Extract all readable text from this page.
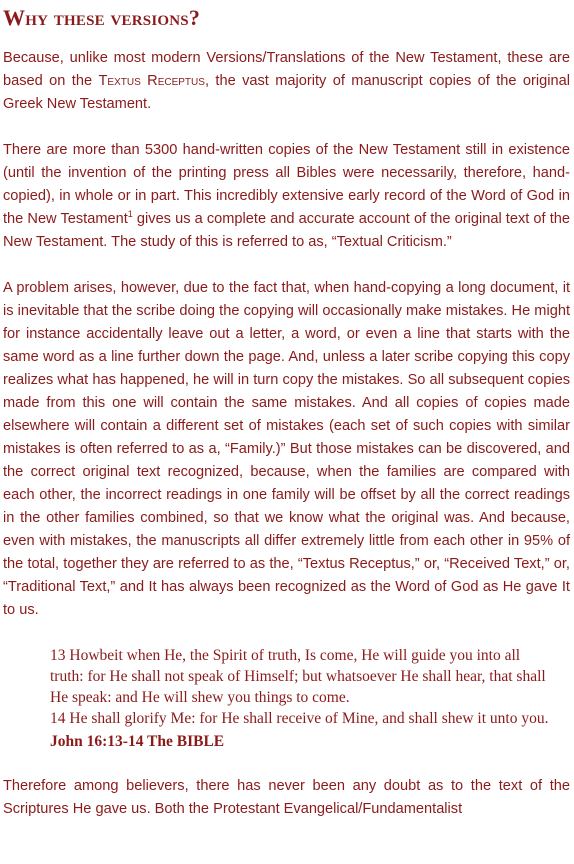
Why these versions?

Because, unlike most modern Versions/Translations of the New Testament, these are based on the Textus Receptus, the vast majority of manuscript copies of the original Greek New Testament.

There are more than 5300 hand-written copies of the New Testament still in existence (until the invention of the printing press all Bibles were necessarily, therefore, hand-copied), in whole or in part. This incredibly extensive early record of the Word of God in the New Testament$^1$ gives us a complete and accurate account of the original text of the New Testament. The study of this is referred to as, “Textual Criticism.”

A problem arises, however, due to the fact that, when hand-copying a long document, it is inevitable that the scribe doing the copying will occasionally make mistakes. He might for instance accidentally leave out a letter, a word, or even a line that starts with the same word as a line further down the page. And, unless a later scribe copying this copy realizes what has happened, he will in turn copy the mistakes. So all subsequent copies made from this one will contain the same mistakes. And all copies of copies made elsewhere will contain a different set of mistakes (each set of such copies with similar mistakes is often referred to as a, “Family.)” But those mistakes can be discovered, and the correct original text recognized, because, when the families are compared with each other, the incorrect readings in one family will be offset by all the correct readings in the other families combined, so that we know what the original was. And because, even with mistakes, the manuscripts all differ extremely little from each other in 95% of the total, together they are referred to as the, “Textus Receptus,” or, “Received Text,” or, “Traditional Text,” and It has always been recognized as the Word of God as He gave It to us.

13 Howbeit when He, the Spirit of truth, Is come, He will guide you into all truth: for He shall not speak of Himself; but whatsoever He shall hear, that shall He speak: and He will shew you things to come.
14 He shall glorify Me: for He shall receive of Mine, and shall shew it unto you.
John 16:13-14 The BIBLE

Therefore among believers, there has never been any doubt as to the text of the Scriptures He gave us. Both the Protestant Evangelical/Fundamentalist
